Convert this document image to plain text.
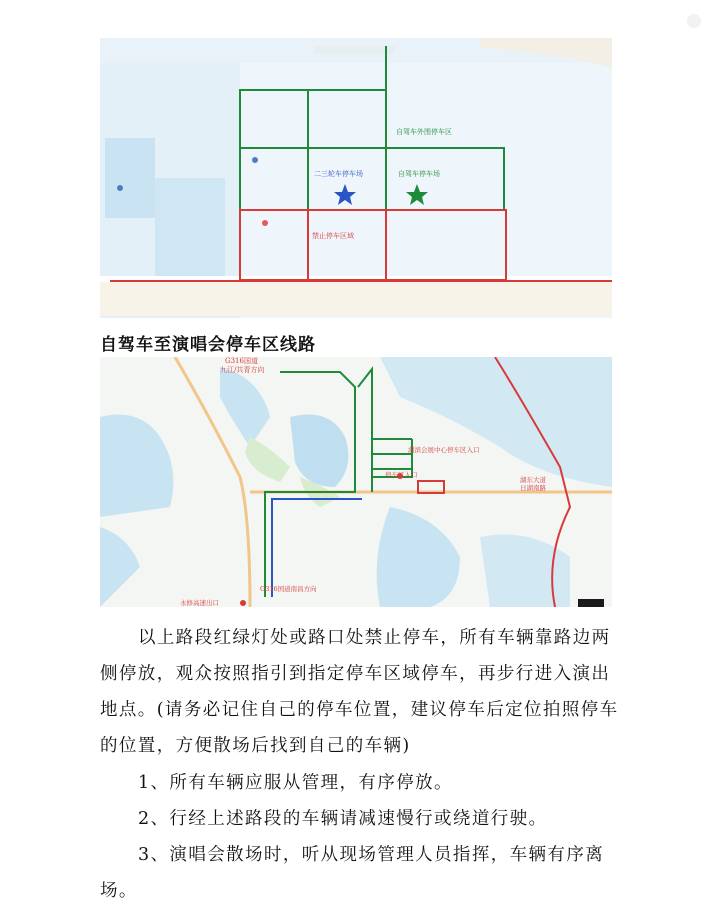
自驾车外围停车区
二三轮车停车场	自驾车停车场
禁止停车区域
自驾车至演唱会停车区线路
G316国道
九江/共青方向
湖滨会展中心停车区入口
停车区入口
湖东大道
日湖南路
G316国道南昌方向
永修高速出口
以上路段红绿灯处或路口处禁止停车，所有车辆靠路边两侧停放，观众按照指引到指定停车区域停车，再步行进入演出地点。(请务必记住自己的停车位置，建议停车后定位拍照停车的位置，方便散场后找到自己的车辆)
1、所有车辆应服从管理，有序停放。
2、行经上述路段的车辆请减速慢行或绕道行驶。
3、演唱会散场时，听从现场管理人员指挥，车辆有序离场。
